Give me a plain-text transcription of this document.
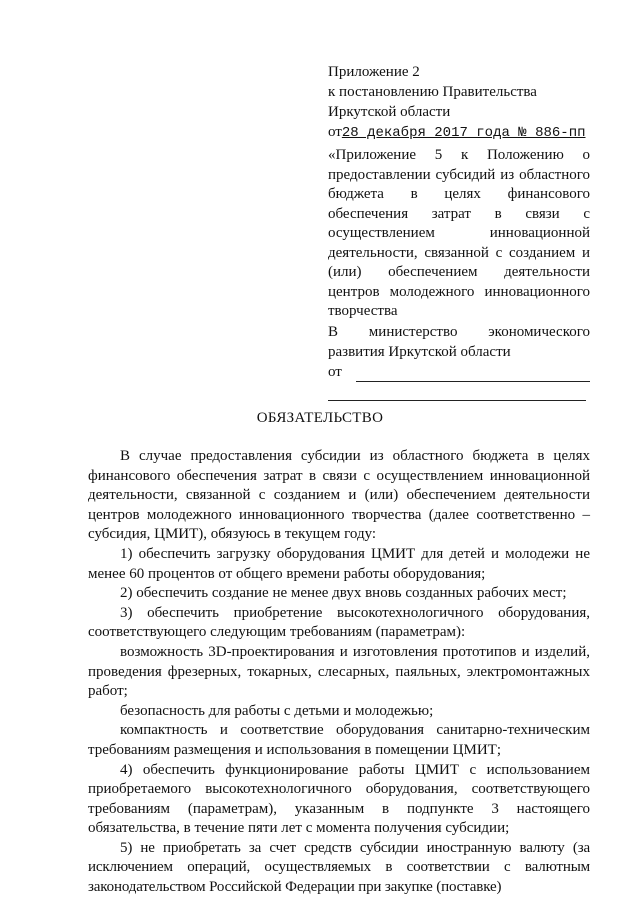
Приложение 2
к постановлению Правительства
Иркутской области
от28 декабря 2017 года № 886-пп
«Приложение 5 к Положению о предоставлении субсидий из областного бюджета в целях финансового обеспечения затрат в связи с осуществлением инновационной деятельности, связанной с созданием и (или) обеспечением деятельности центров молодежного инновационного творчества
В министерство экономического развития Иркутской области
от
ОБЯЗАТЕЛЬСТВО

В случае предоставления субсидии из областного бюджета в целях финансового обеспечения затрат в связи с осуществлением инновационной деятельности, связанной с созданием и (или) обеспечением деятельности центров молодежного инновационного творчества (далее соответственно – субсидия, ЦМИТ), обязуюсь в текущем году:

1) обеспечить загрузку оборудования ЦМИТ для детей и молодежи не менее 60 процентов от общего времени работы оборудования;

2) обеспечить создание не менее двух вновь созданных рабочих мест;

3) обеспечить приобретение высокотехнологичного оборудования, соответствующего следующим требованиям (параметрам):

возможность 3D-проектирования и изготовления прототипов и изделий, проведения фрезерных, токарных, слесарных, паяльных, электромонтажных работ;

безопасность для работы с детьми и молодежью;

компактность и соответствие оборудования санитарно-техническим требованиям размещения и использования в помещении ЦМИТ;

4) обеспечить функционирование работы ЦМИТ с использованием приобретаемого высокотехнологичного оборудования, соответствующего требованиям (параметрам), указанным в подпункте 3 настоящего обязательства, в течение пяти лет с момента получения субсидии;

5) не приобретать за счет средств субсидии иностранную валюту (за исключением операций, осуществляемых в соответствии с валютным законодательством Российской Федерации при закупке (поставке)
